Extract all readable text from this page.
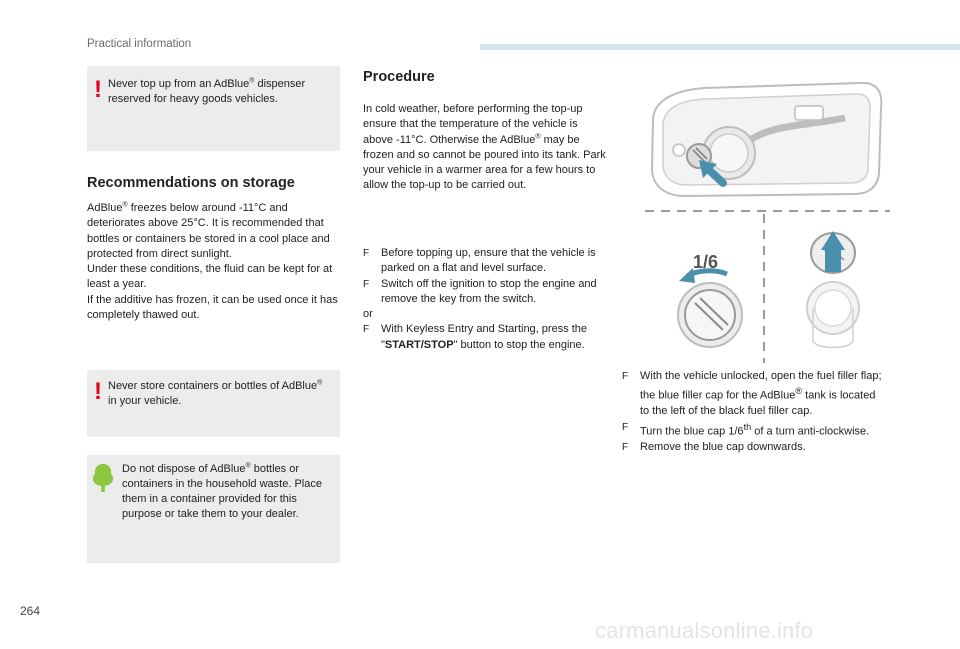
Practical information
! Never top up from an AdBlue® dispenser reserved for heavy goods vehicles.

Recommendations on storage
AdBlue® freezes below around -11°C and deteriorates above 25°C. It is recommended that bottles or containers be stored in a cool place and protected from direct sunlight.
Under these conditions, the fluid can be kept for at least a year.
If the additive has frozen, it can be used once it has completely thawed out.
! Never store containers or bottles of AdBlue® in your vehicle.

Do not dispose of AdBlue® bottles or containers in the household waste. Place them in a container provided for this purpose or take them to your dealer.

Procedure
In cold weather, before performing the top-up ensure that the temperature of the vehicle is above -11°C. Otherwise the AdBlue® may be frozen and so cannot be poured into its tank. Park your vehicle in a warmer area for a few hours to allow the top-up to be carried out.
F Before topping up, ensure that the vehicle is parked on a flat and level surface.
F Switch off the ignition to stop the engine and remove the key from the switch.
or
F With Keyless Entry and Starting, press the "START/STOP" button to stop the engine.
F With the vehicle unlocked, open the fuel filler flap; the blue filler cap for the AdBlue® tank is located to the left of the black fuel filler cap.
F Turn the blue cap 1/6th of a turn anti-clockwise.
F Remove the blue cap downwards.
1/6
264
carmanualsonline.info
